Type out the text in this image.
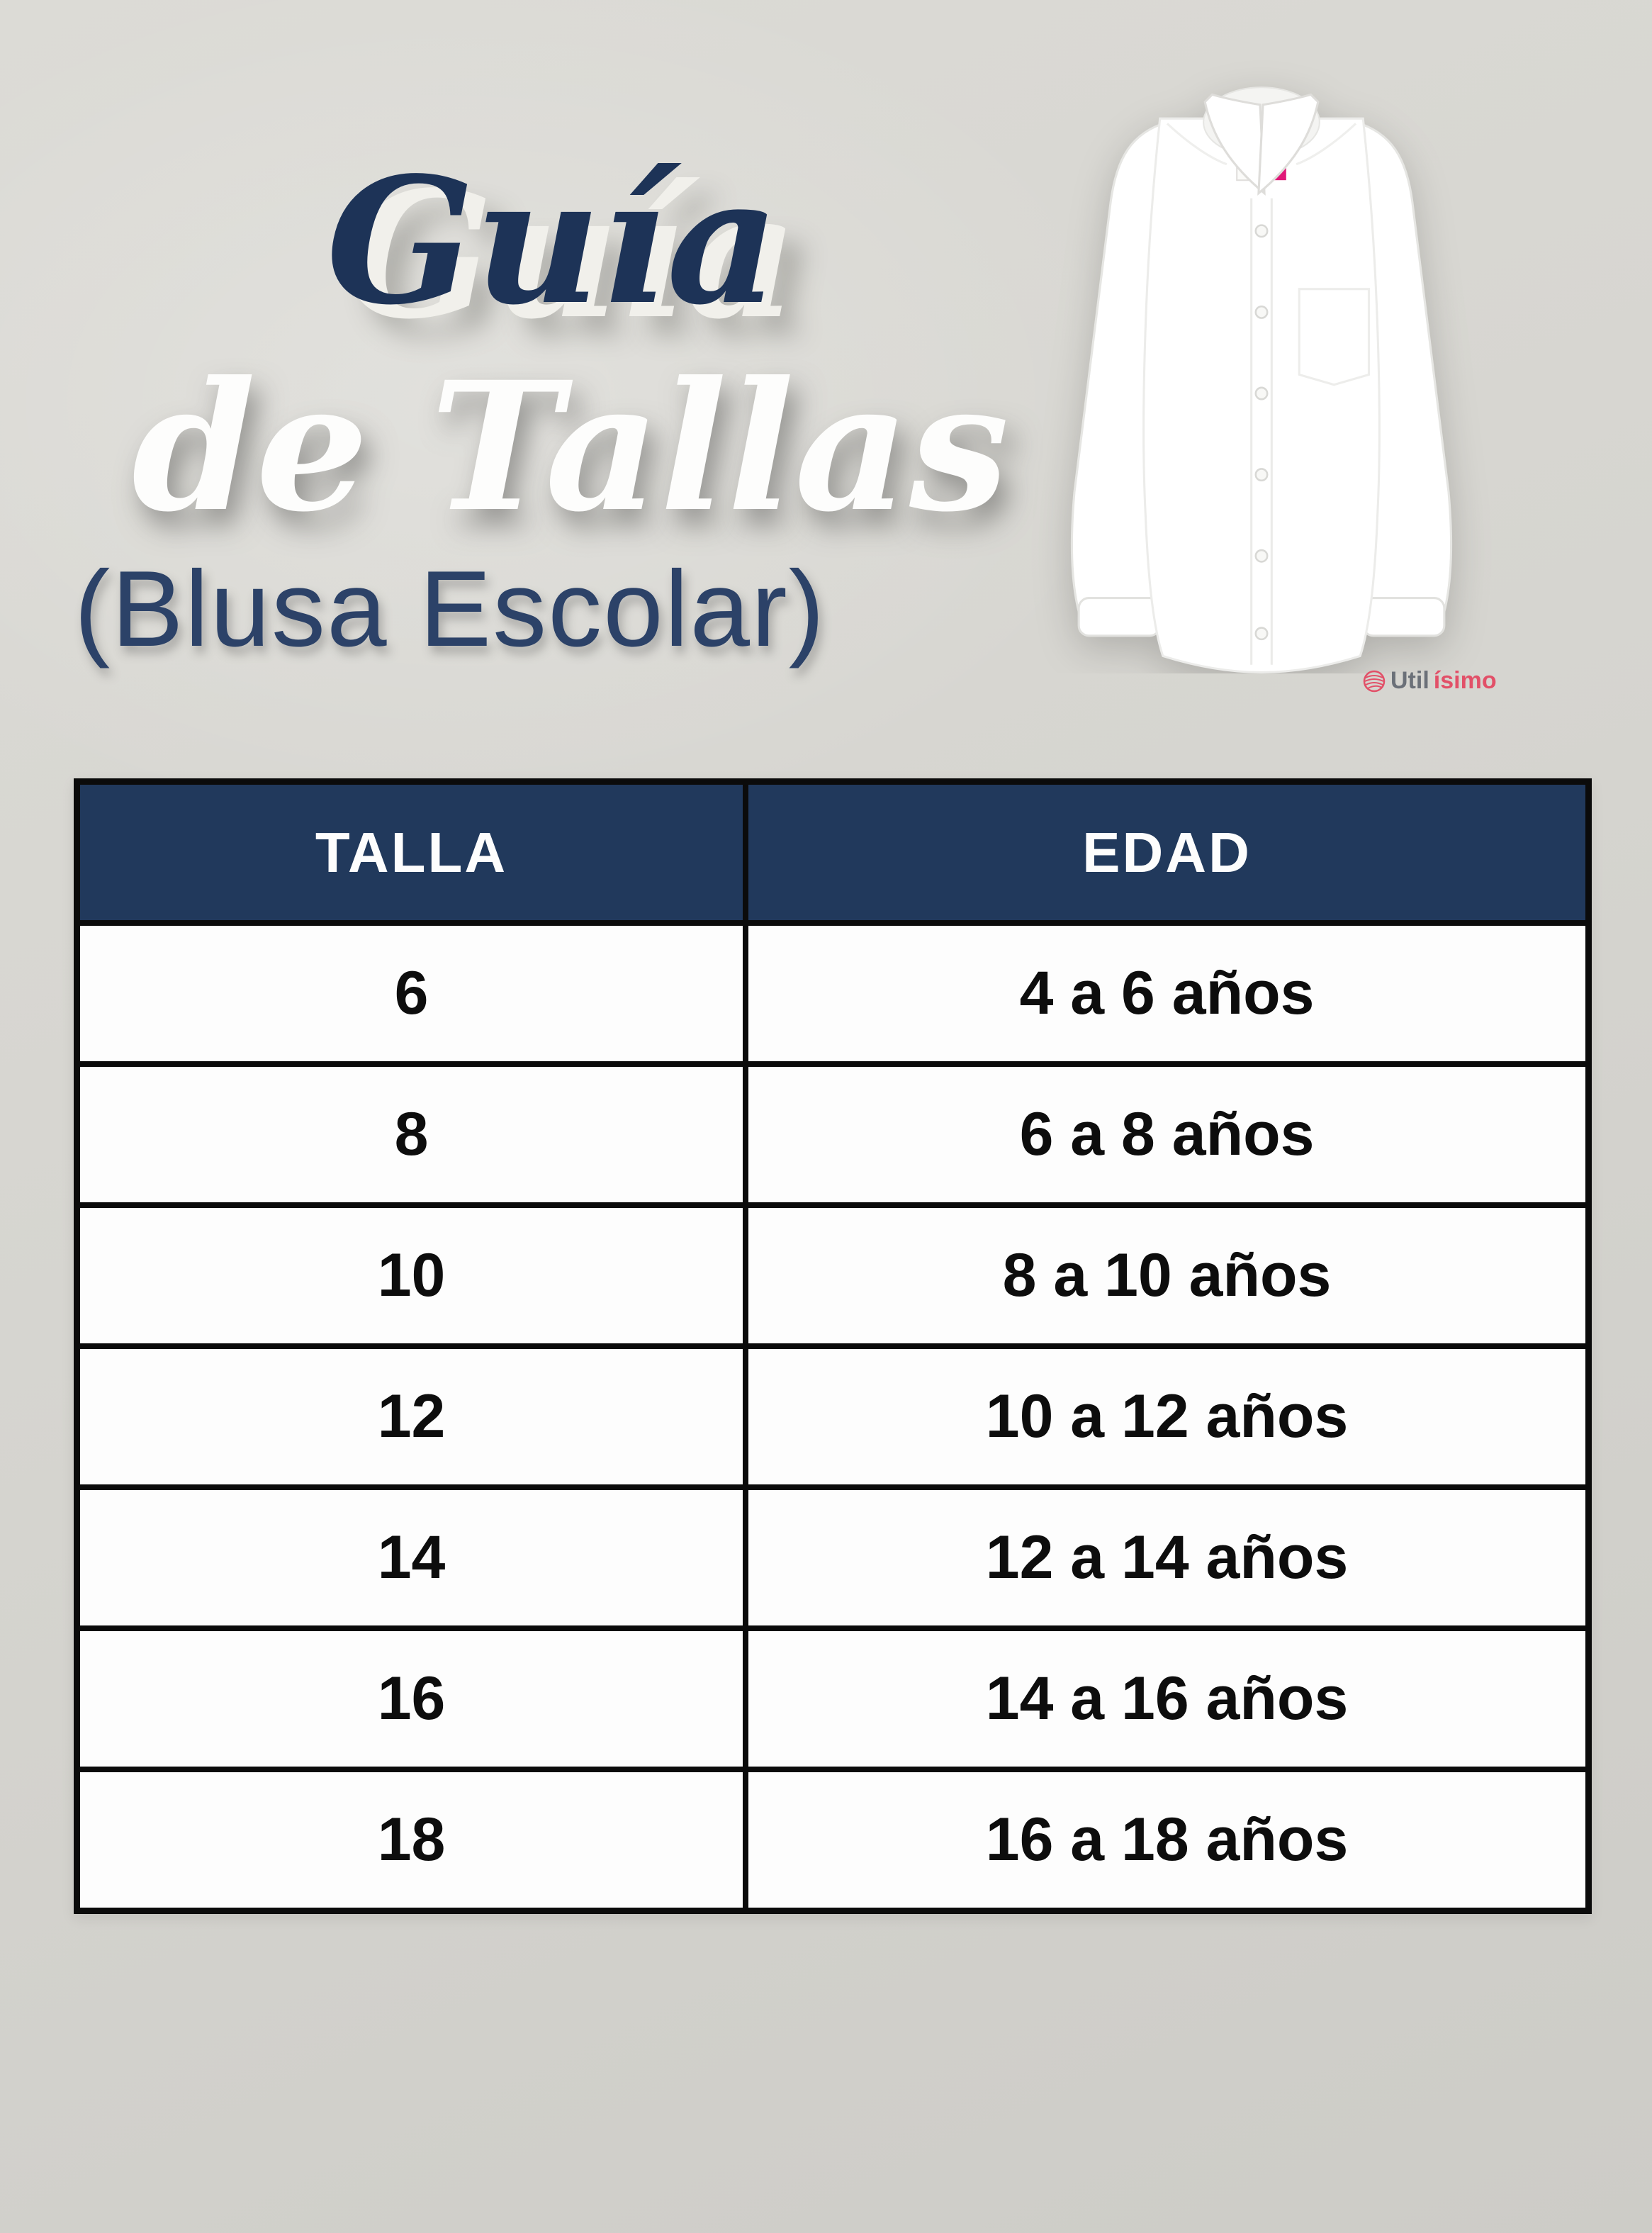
Guía
de Tallas
(Blusa Escolar)
Util ísimo
TALLA	EDAD
6	4 a 6 años
8	6 a 8 años
10	8 a 10 años
12	10 a 12 años
14	12 a 14 años
16	14 a 16 años
18	16 a 18 años
